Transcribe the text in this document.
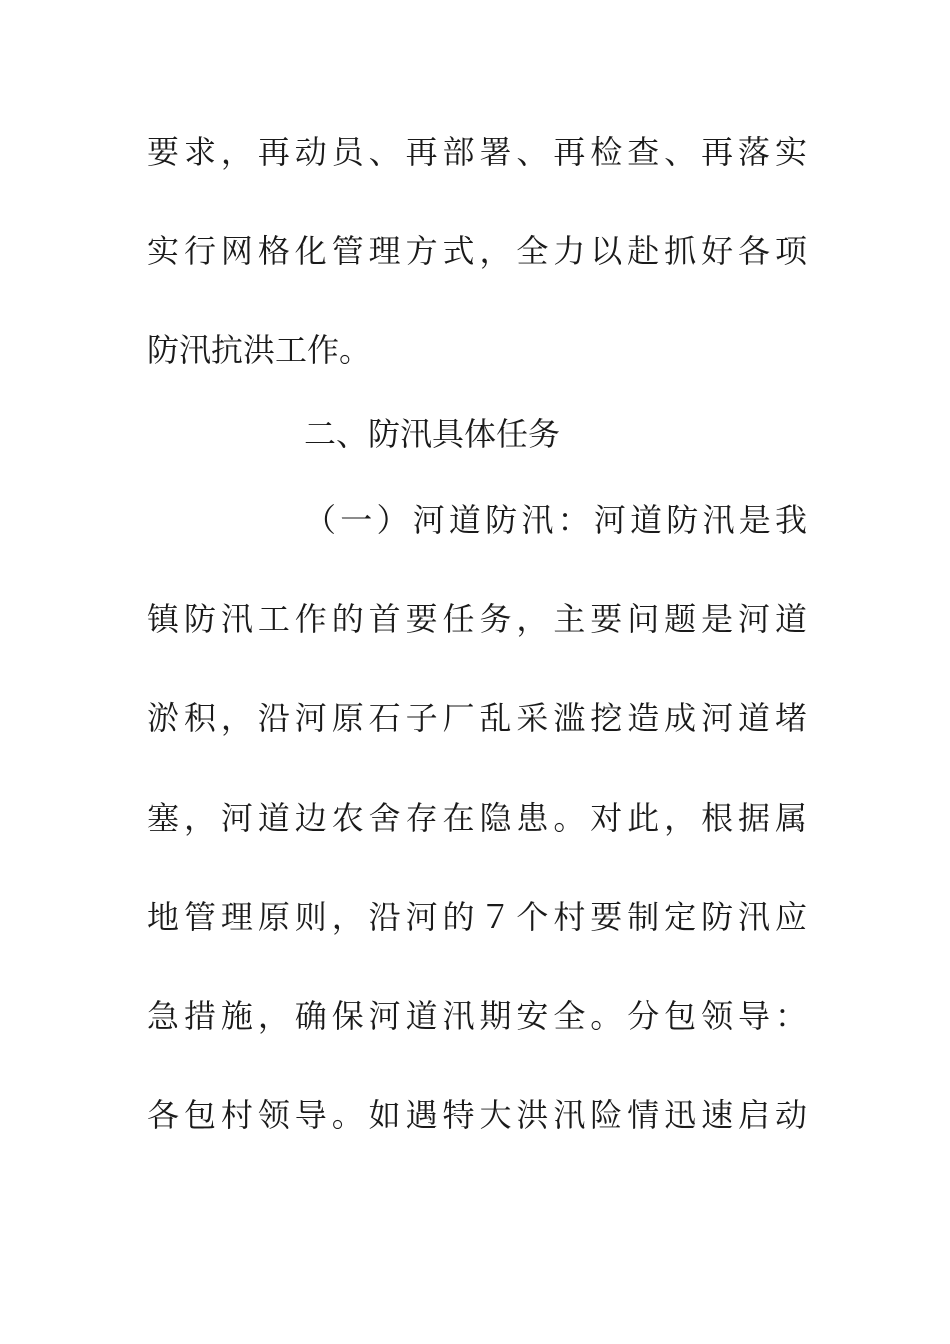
要求，再动员、再部署、再检查、再落实
实行网格化管理方式，全力以赴抓好各项
防汛抗洪工作。
二、防汛具体任务
（一）河道防汛：河道防汛是我
镇防汛工作的首要任务，主要问题是河道
淤积，沿河原石子厂乱采滥挖造成河道堵
塞，河道边农舍存在隐患。对此，根据属
地管理原则，沿河的７个村要制定防汛应
急措施，确保河道汛期安全。分包领导：
各包村领导。如遇特大洪汛险情迅速启动
